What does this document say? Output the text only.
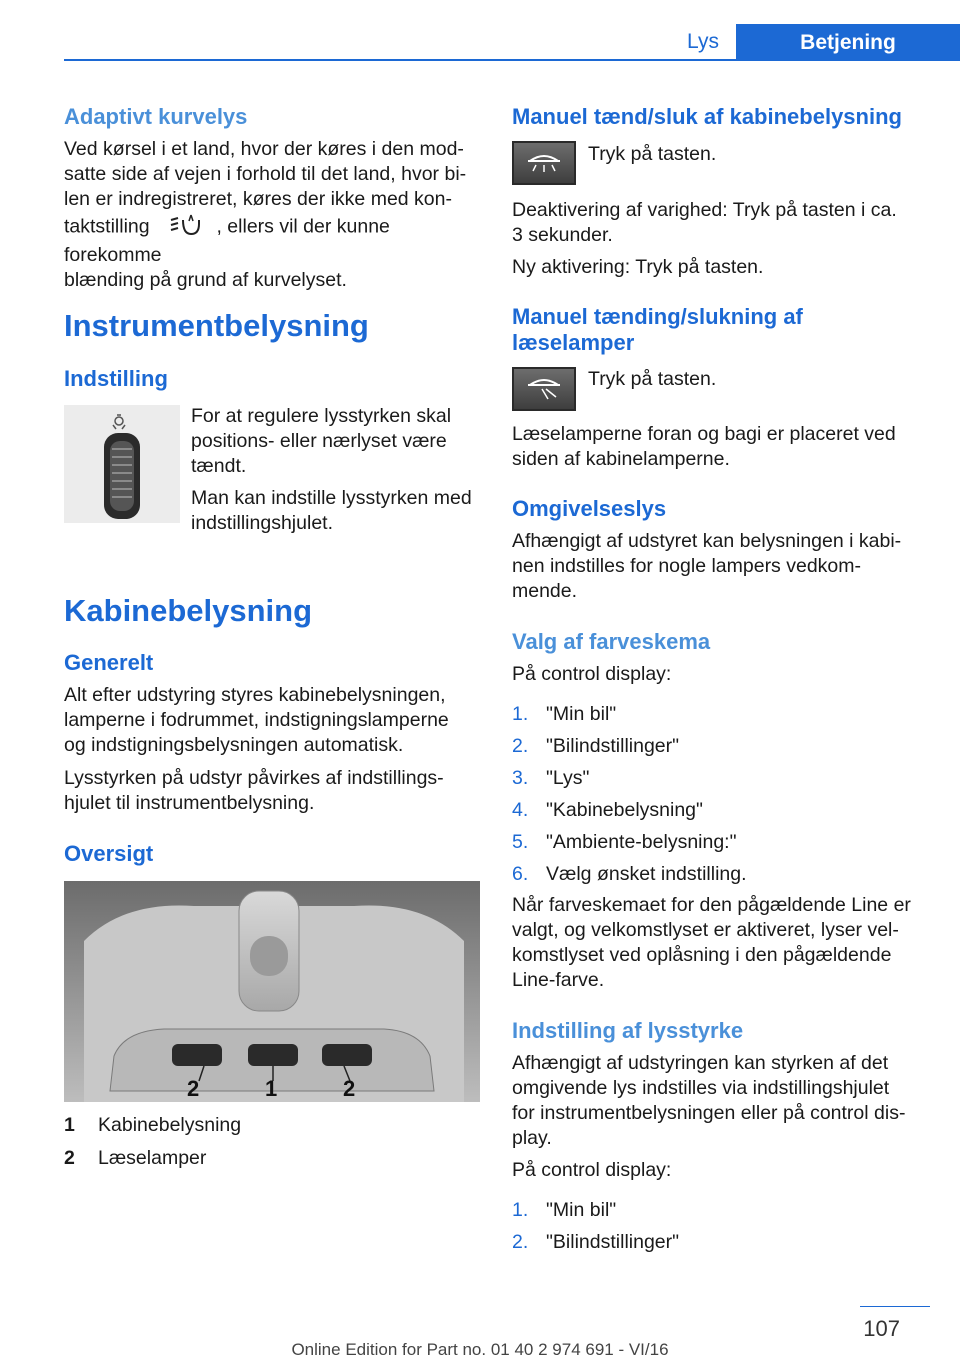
Lys	Betjening
Adaptivt kurvelys
Ved kørsel i et land, hvor der køres i den mod‐
satte side af vejen i forhold til det land, hvor bi‐
len er indregistreret, køres der ikke med kon‐
taktstilling	, ellers vil der kunne forekomme
blænding på grund af kurvelyset.
Instrumentbelysning
Indstilling
For at regulere lysstyrken skal
positions- eller nærlyset være
tændt.
Man kan indstille lysstyrken med
indstillingshjulet.
Kabinebelysning
Generelt
Alt efter udstyring styres kabinebelysningen,
lamperne i fodrummet, indstigningslamperne
og indstigningsbelysningen automatisk.
Lysstyrken på udstyr påvirkes af indstillings‐
hjulet til instrumentbelysning.
Oversigt
2	1	2
1 Kabinebelysning
2 Læselamper
Manuel tænd/sluk af kabinebelysning
Tryk på tasten.
Deaktivering af varighed: Tryk på tasten i ca.
3 sekunder.
Ny aktivering: Tryk på tasten.
Manuel tænding/slukning af
læselamper
Tryk på tasten.
Læselamperne foran og bagi er placeret ved
siden af kabinelamperne.
Omgivelseslys
Afhængigt af udstyret kan belysningen i kabi‐
nen indstilles for nogle lampers vedkom‐
mende.
Valg af farveskema
På control display:
1. "Min bil"
2. "Bilindstillinger"
3. "Lys"
4. "Kabinebelysning"
5. "Ambiente-belysning:"
6. Vælg ønsket indstilling.
Når farveskemaet for den pågældende Line er
valgt, og velkomstlyset er aktiveret, lyser vel‐
komstlyset ved oplåsning i den pågældende
Line-farve.
Indstilling af lysstyrke
Afhængigt af udstyringen kan styrken af det
omgivende lys indstilles via indstillingshjulet
for instrumentbelysningen eller på control dis‐
play.
På control display:
1. "Min bil"
2. "Bilindstillinger"
107
Online Edition for Part no. 01 40 2 974 691 - VI/16
